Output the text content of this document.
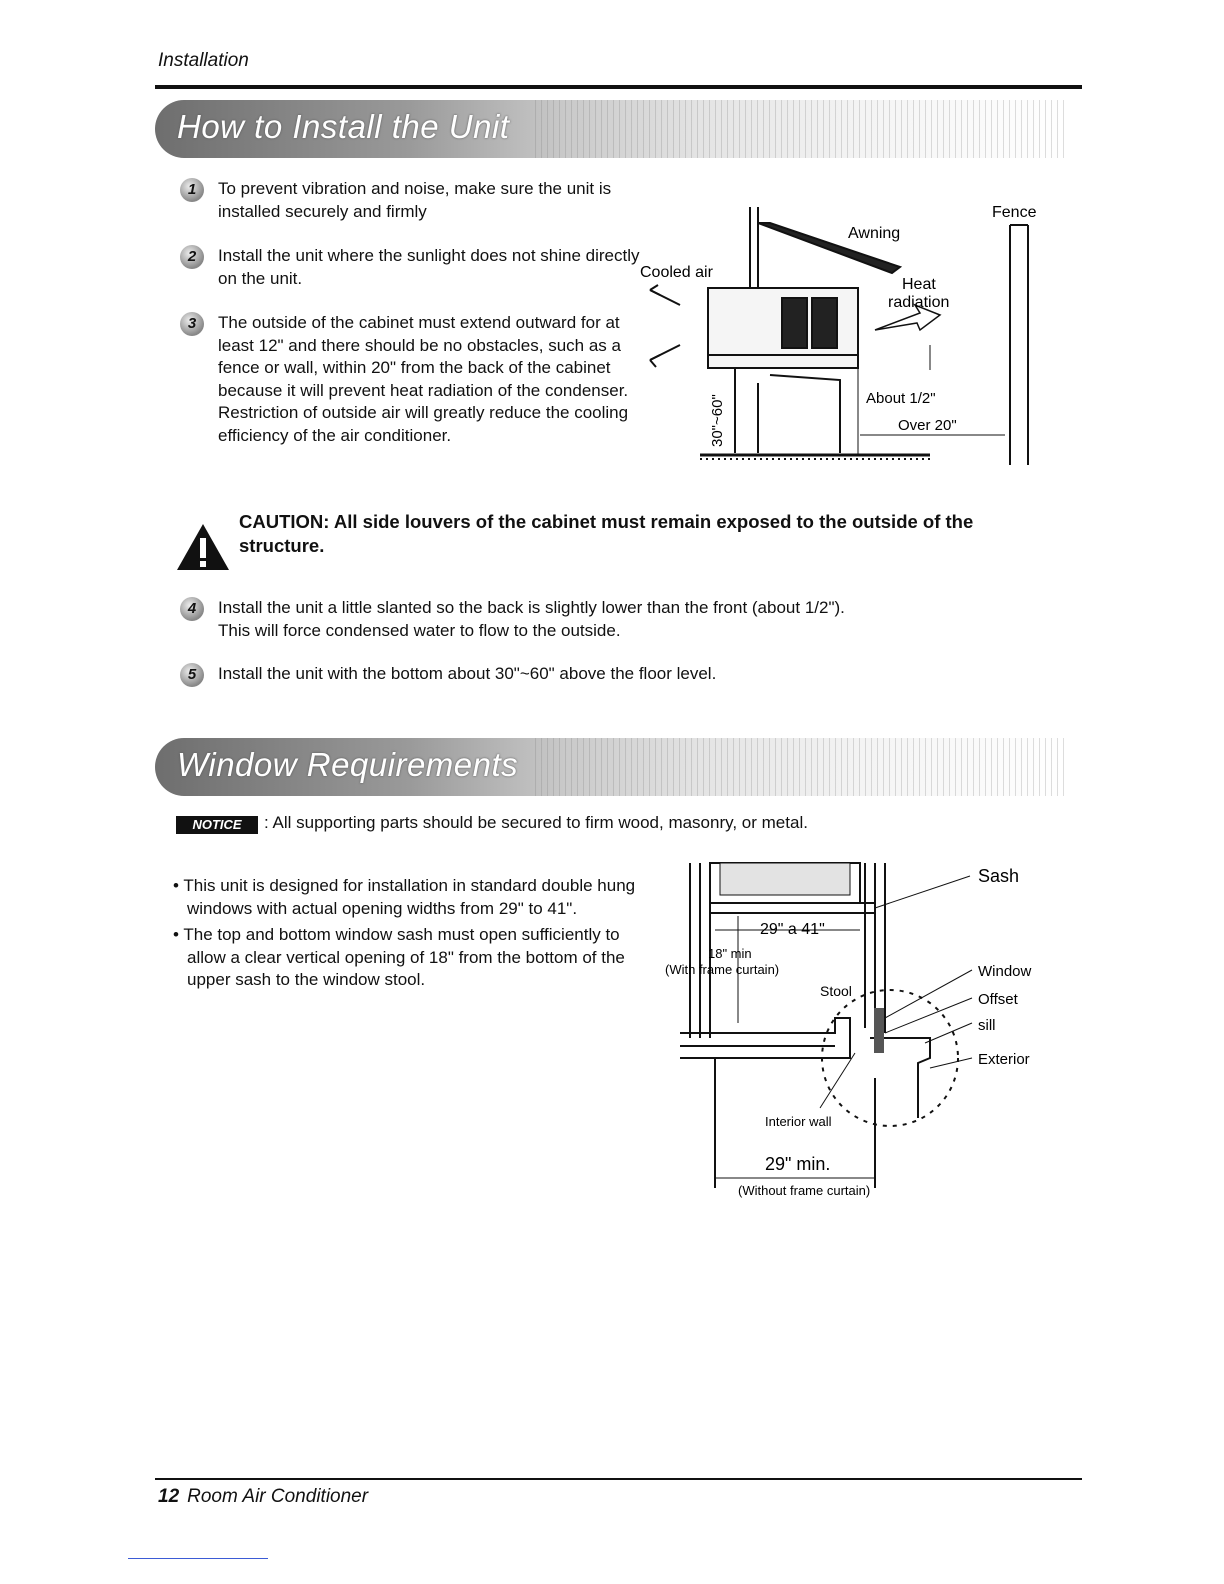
Installation
How to Install the Unit
1	To prevent vibration and noise, make sure the unit is installed securely and firmly
2	Install the unit where the sunlight does not shine directly on the unit.
3	The outside of the cabinet must extend outward for at least 12" and there should be no obstacles, such as a fence or wall, within 20" from the back of the cabinet because it will prevent heat radiation of the condenser.
Restriction of outside air will greatly reduce the cooling efficiency of the air conditioner.
Awning
Fence
Cooled air
Heat
radiation
About 1/2"
Over 20"
30"~60"
CAUTION: All side louvers of the cabinet must remain exposed to the outside of the structure.
4	Install the unit a little slanted so the back is slightly lower than the front (about 1/2").
This will force condensed water to flow to the outside.
5	Install the unit with the bottom about 30"~60" above the floor level.
Window Requirements
NOTICE	: All supporting parts should be secured to firm wood, masonry, or metal.

• This unit is designed for installation in standard double hung windows with actual opening widths from 29" to 41".

• The top and bottom window sash must open sufficiently to allow a clear vertical opening of 18" from the bottom of the upper sash to the window stool.

Sash
29" a 41"
18" min
(With frame curtain)
Stool
Window
Offset
sill
Exterior
Interior wall
29" min.
(Without frame curtain)
12 Room Air Conditioner
